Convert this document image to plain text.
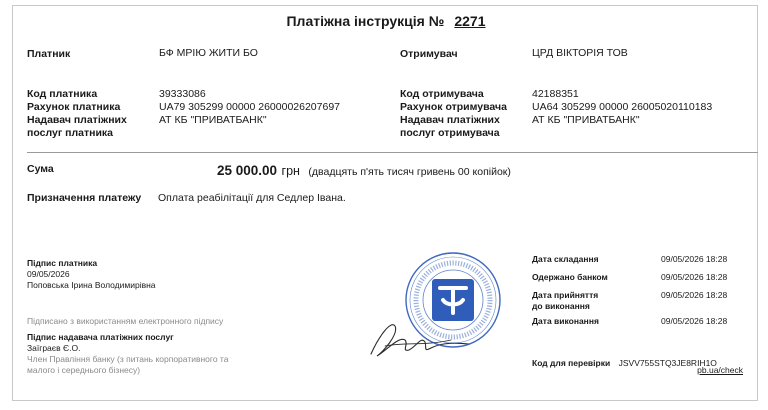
Платіжна інструкція № 2271
Платник	БФ МРІЮ ЖИТИ БО	Отримувач	ЦРД ВІКТОРІЯ ТОВ
Код платника	39333086
Рахунок платника	UA79 305299 00000 26000026207697
Надавач платіжних
послуг платника
АТ КБ "ПРИВАТБАНК"
Код отримувача	42188351
Рахунок отримувача UA64 305299 00000 26005020110183
Надавач платіжних
послуг отримувача
АТ КБ "ПРИВАТБАНК"
Сума	25 000.00 грн (двадцять п'ять тисяч гривень 00 копійок)
Призначення платежу Оплата реабілітації для Седлер Івана.
Підпис платника
09/05/2026
Поповська Ірина Володимирівна
Підписано з використанням електронного підпису
Підпис надавача платіжних послуг
Заїграєв Є.О.
Член Правління банку (з питань корпоративного та
малого і середнього бізнесу)
Дата складання	09/05/2026 18:28
Одержано банком	09/05/2026 18:28
Дата прийняття
до виконання
09/05/2026 18:28
Дата виконання	09/05/2026 18:28
Код для перевірки JSVV755STQ3JE8RIH1O
pb.ua/check
